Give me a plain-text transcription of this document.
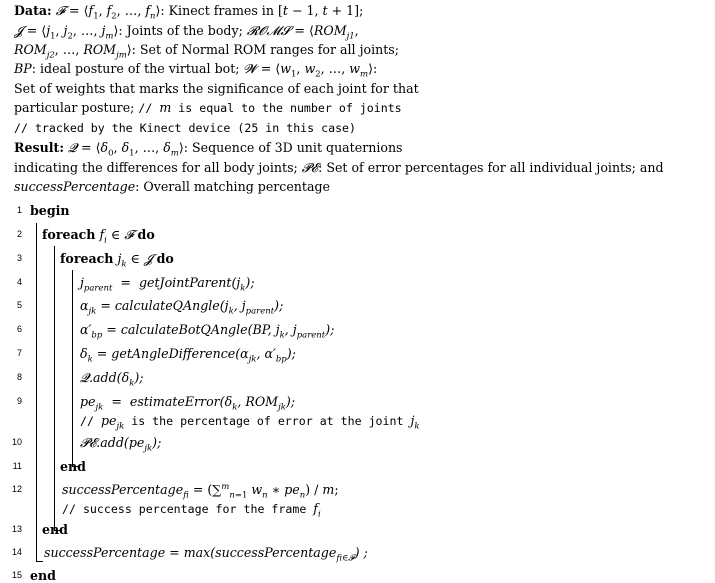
Data: 𝓕 = $⟨f_1$, $f_2$, …, $f_n⟩$: Kinect frames in [t − 1, t + 1];
𝓙 = $⟨j_1$, $j_2$, …, $j_m⟩$: Joints of the body; 𝓡𝓞𝓜𝓢 = $⟨ROM_{j1}$,
$ROM_{j2}$, …, $ROM_{jm}⟩$: Set of Normal ROM ranges for all joints;
BP: ideal posture of the virtual bot; 𝓦 = $⟨w_1$, $w_2$, …, $w_m⟩$:
Set of weights that marks the significance of each joint for that
particular posture; // m is equal to the number of joints
// tracked by the Kinect device (25 in this case)
Result: 𝓠 = $⟨\delta_0$, $\delta_1$, …, $\delta_m⟩$: Sequence of 3D unit quaternions
indicating the differences for all body joints; 𝓟𝓔: Set of error percentages for all individual joints; and
successPercentage: Overall matching percentage
1
2
3
4
5
6
7
8
9
10
11
12
13
14
15
begin
foreach $f_i$ ∈ 𝓕 do
foreach $j_k$ ∈ 𝓙 do
$j_{parent}$  =  $getJointParent(j_k)$;
$\alpha_{jk}$ = $calculateQAngle(j_k$, $j_{parent}$);
$\alpha'_{bp}$ = calculateBotQAngle(BP, $j_k$, $j_{parent}$);
$\delta_k$ = $getAngleDifference(\alpha_{jk}$, $\alpha'_{bp}$);
$𝓠.add(\delta_k)$;
$pe_{jk}$  =  $estimateError(\delta_k$, $ROM_{jk}$);
// $pe_{jk}$ is the percentage of error at the joint $j_k$
$𝓟𝓔.add(pe_{jk})$;
end
successPercentage$_{fi}$ = (∑$^m_{n=1}$ $w_n$ ∗ $pe_n$) / m;
// success percentage for the frame $f_i$
end
successPercentage = max(successPercentage$_{fi\in 𝓕}$) ;
end
